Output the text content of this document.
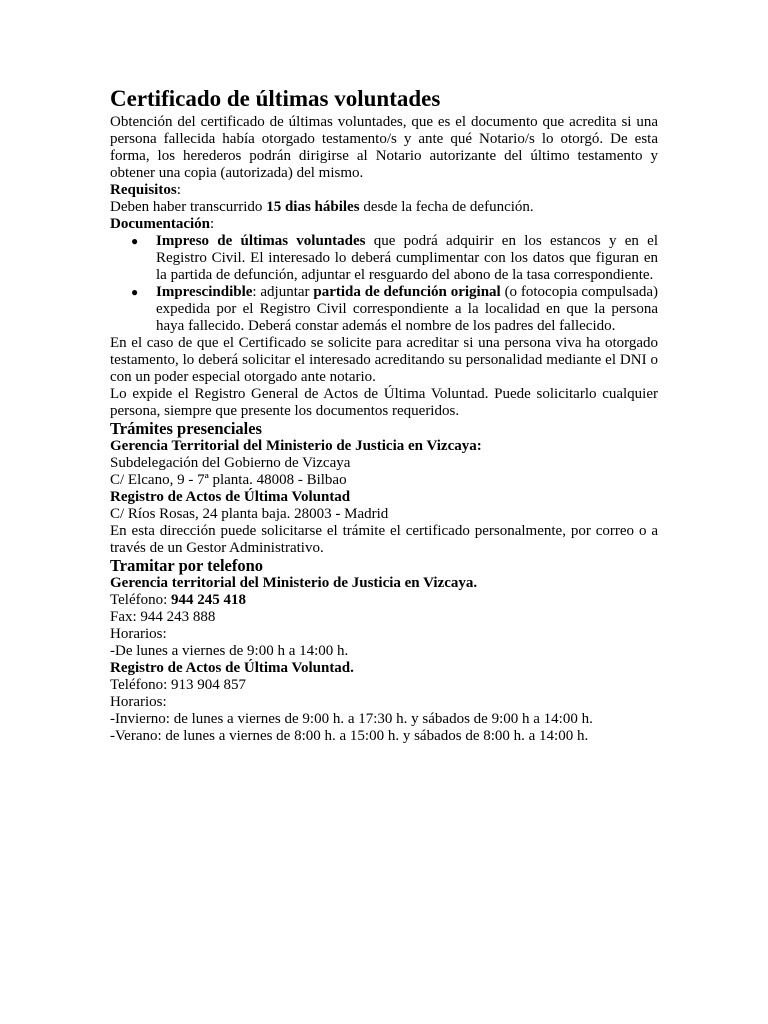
Certificado de últimas voluntades

Obtención del certificado de últimas voluntades, que es el documento que acredita si una persona fallecida había otorgado testamento/s y ante qué Notario/s lo otorgó. De esta forma, los herederos podrán dirigirse al Notario autorizante del último testamento y obtener una copia (autorizada) del mismo.

Requisitos:

Deben haber transcurrido 15 dias hábiles desde la fecha de defunción.

Documentación:

● Impreso de últimas voluntades que podrá adquirir en los estancos y en el Registro Civil. El interesado lo deberá cumplimentar con los datos que figuran en la partida de defunción, adjuntar el resguardo del abono de la tasa correspondiente.
● Imprescindible: adjuntar partida de defunción original (o fotocopia compulsada) expedida por el Registro Civil correspondiente a la localidad en que la persona haya fallecido. Deberá constar además el nombre de los padres del fallecido.

En el caso de que el Certificado se solicite para acreditar si una persona viva ha otorgado testamento, lo deberá solicitar el interesado acreditando su personalidad mediante el DNI o con un poder especial otorgado ante notario.

Lo expide el Registro General de Actos de Última Voluntad. Puede solicitarlo cualquier persona, siempre que presente los documentos requeridos.

Trámites presenciales

Gerencia Territorial del Ministerio de Justicia en Vizcaya:

Subdelegación del Gobierno de Vizcaya

C/ Elcano, 9 - 7ª planta. 48008 - Bilbao

Registro de Actos de Última Voluntad

C/ Ríos Rosas, 24 planta baja. 28003 - Madrid

En esta dirección puede solicitarse el trámite el certificado personalmente, por correo o a través de un Gestor Administrativo.

Tramitar por telefono

Gerencia territorial del Ministerio de Justicia en Vizcaya.

Teléfono: 944 245 418

Fax: 944 243 888

Horarios:

-De lunes a viernes de 9:00 h a 14:00 h.

Registro de Actos de Última Voluntad.

Teléfono: 913 904 857

Horarios:

-Invierno: de lunes a viernes de 9:00 h. a 17:30 h. y sábados de 9:00 h a 14:00 h.

-Verano: de lunes a viernes de 8:00 h. a 15:00 h. y sábados de 8:00 h. a 14:00 h.
